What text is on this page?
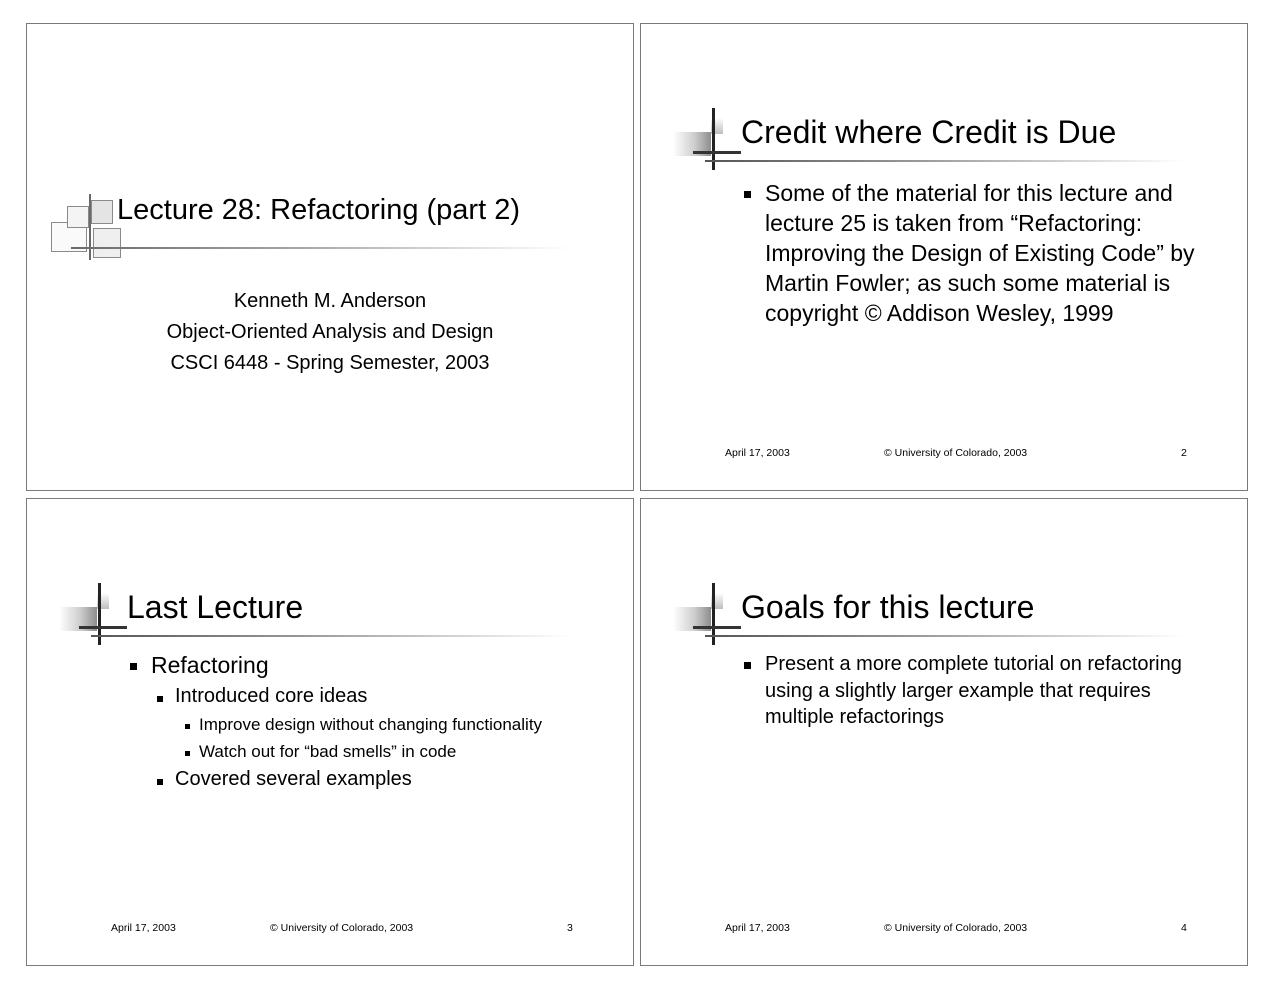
Lecture 28: Refactoring (part 2)
Kenneth M. Anderson
Object-Oriented Analysis and Design
CSCI 6448 - Spring Semester, 2003
Credit where Credit is Due
Some of the material for this lecture and lecture 25 is taken from “Refactoring: Improving the Design of Existing Code” by Martin Fowler; as such some material is copyright © Addison Wesley, 1999
April 17, 2003	© University of Colorado, 2003	2
Last Lecture
Refactoring
Introduced core ideas
Improve design without changing functionality
Watch out for “bad smells” in code
Covered several examples
April 17, 2003	© University of Colorado, 2003	3
Goals for this lecture
Present a more complete tutorial on refactoring using a slightly larger example that requires multiple refactorings
April 17, 2003	© University of Colorado, 2003	4
